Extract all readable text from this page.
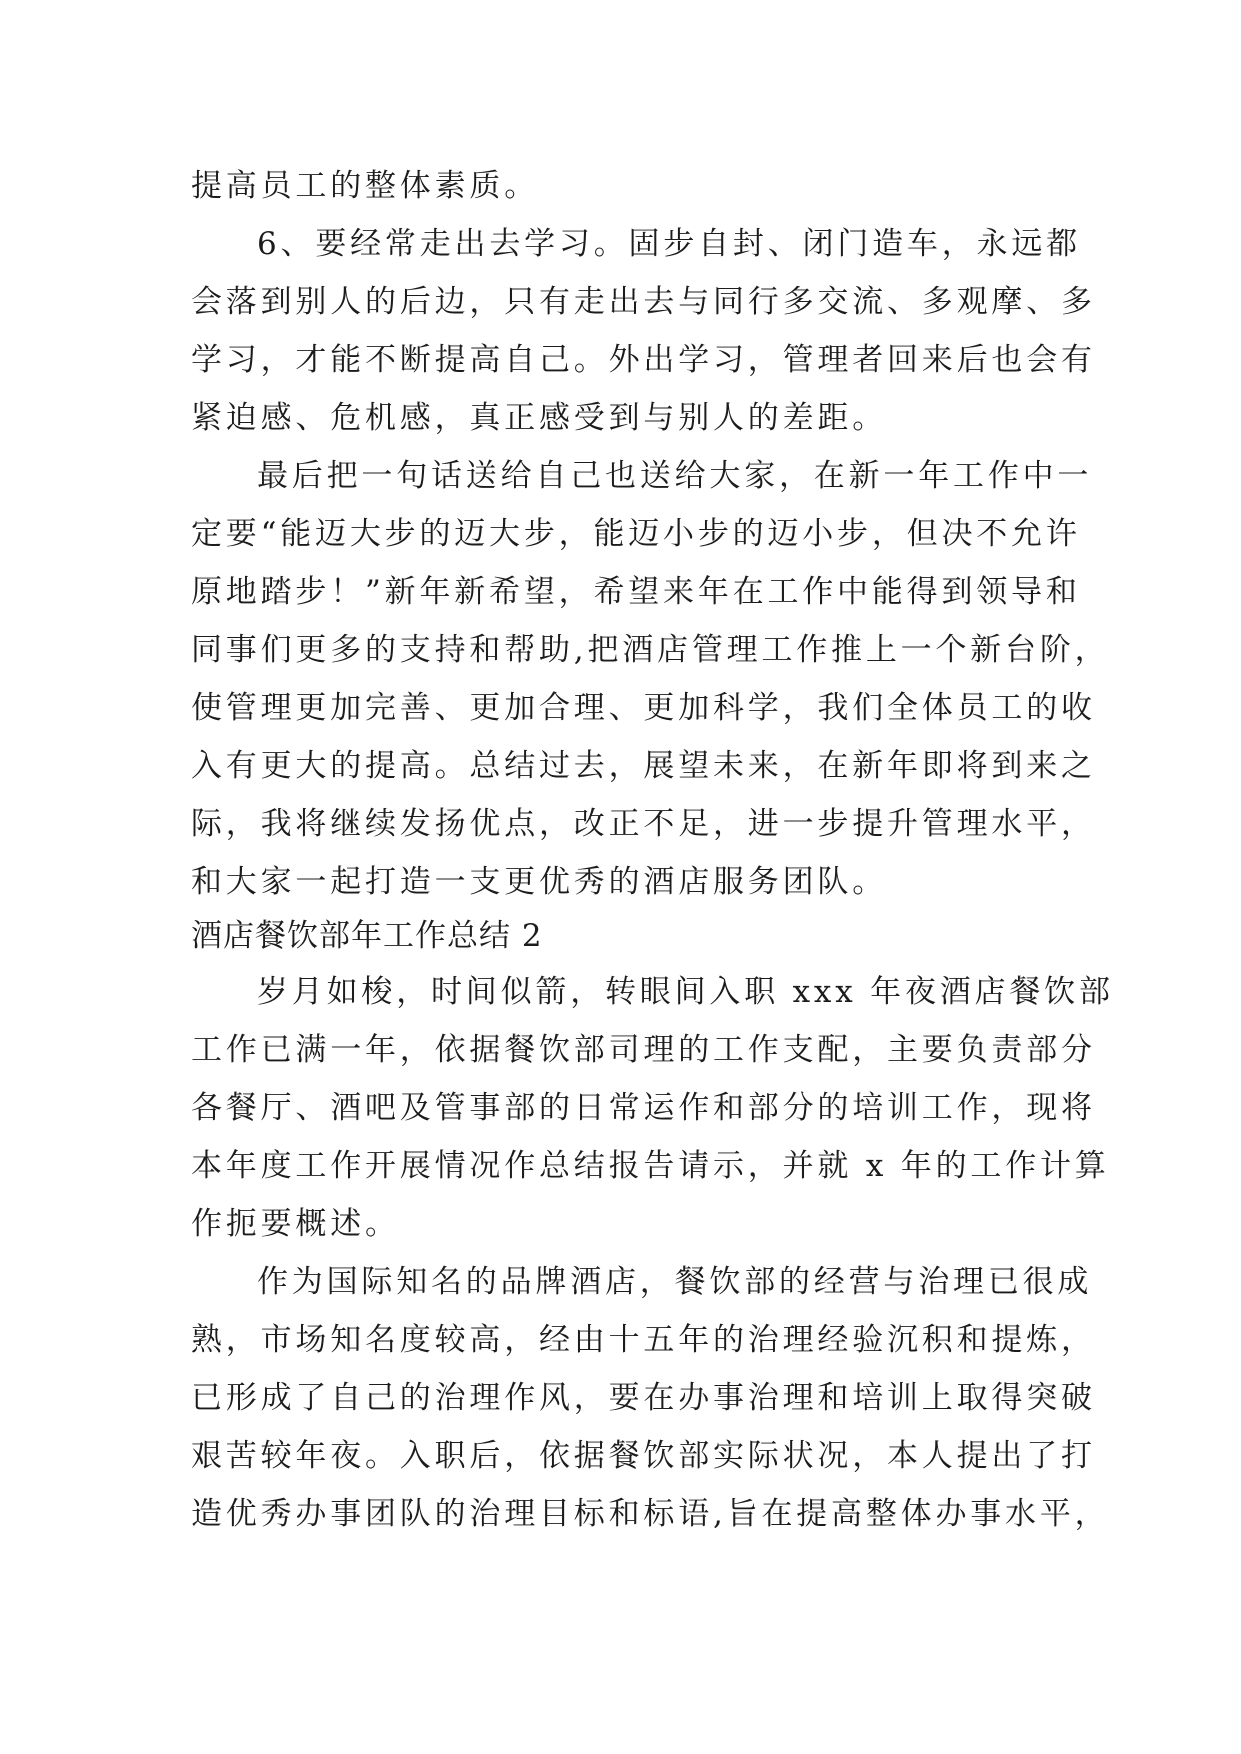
提高员工的整体素质。
6、要经常走出去学习。固步自封、闭门造车，永远都
会落到别人的后边，只有走出去与同行多交流、多观摩、多
学习，才能不断提高自己。外出学习，管理者回来后也会有
紧迫感、危机感，真正感受到与别人的差距。
最后把一句话送给自己也送给大家，在新一年工作中一
定要“能迈大步的迈大步，能迈小步的迈小步，但决不允许
原地踏步！”新年新希望，希望来年在工作中能得到领导和
同事们更多的支持和帮助,把酒店管理工作推上一个新台阶，
使管理更加完善、更加合理、更加科学，我们全体员工的收
入有更大的提高。总结过去，展望未来，在新年即将到来之
际，我将继续发扬优点，改正不足，进一步提升管理水平，
和大家一起打造一支更优秀的酒店服务团队。
酒店餐饮部年工作总结 2
岁月如梭，时间似箭，转眼间入职 xxx 年夜酒店餐饮部
工作已满一年，依据餐饮部司理的工作支配，主要负责部分
各餐厅、酒吧及管事部的日常运作和部分的培训工作，现将
本年度工作开展情况作总结报告请示，并就 x 年的工作计算
作扼要概述。
作为国际知名的品牌酒店，餐饮部的经营与治理已很成
熟，市场知名度较高，经由十五年的治理经验沉积和提炼，
已形成了自己的治理作风，要在办事治理和培训上取得突破
艰苦较年夜。入职后，依据餐饮部实际状况，本人提出了打
造优秀办事团队的治理目标和标语,旨在提高整体办事水平，
